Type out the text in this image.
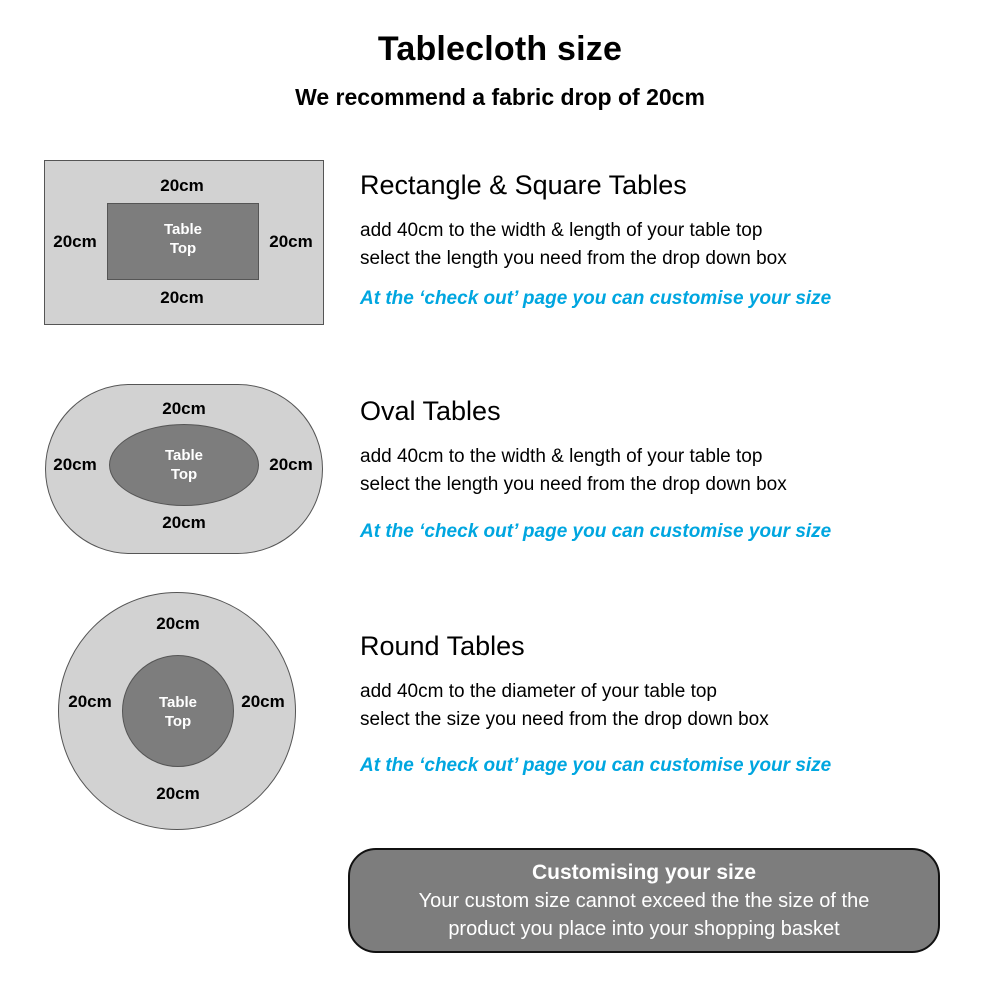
Tablecloth size
We recommend a fabric drop of 20cm
Table
Top
20cm
20cm	20cm
20cm
Rectangle & Square Tables
add 40cm to the width & length of your table top
select the length you need from the drop down box
At the ‘check out’ page you can customise your size
Table
Top
20cm
20cm	20cm
20cm
Oval Tables
add 40cm to the width & length of your table top
select the length you need from the drop down box
At the ‘check out’ page you can customise your size
Table
Top
20cm
20cm	20cm
20cm
Round Tables
add 40cm to the diameter of your table top
select the size you need from the drop down box
At the ‘check out’ page you can customise your size
Customising your size
Your custom size cannot exceed the the size of the
product you place into your shopping basket
